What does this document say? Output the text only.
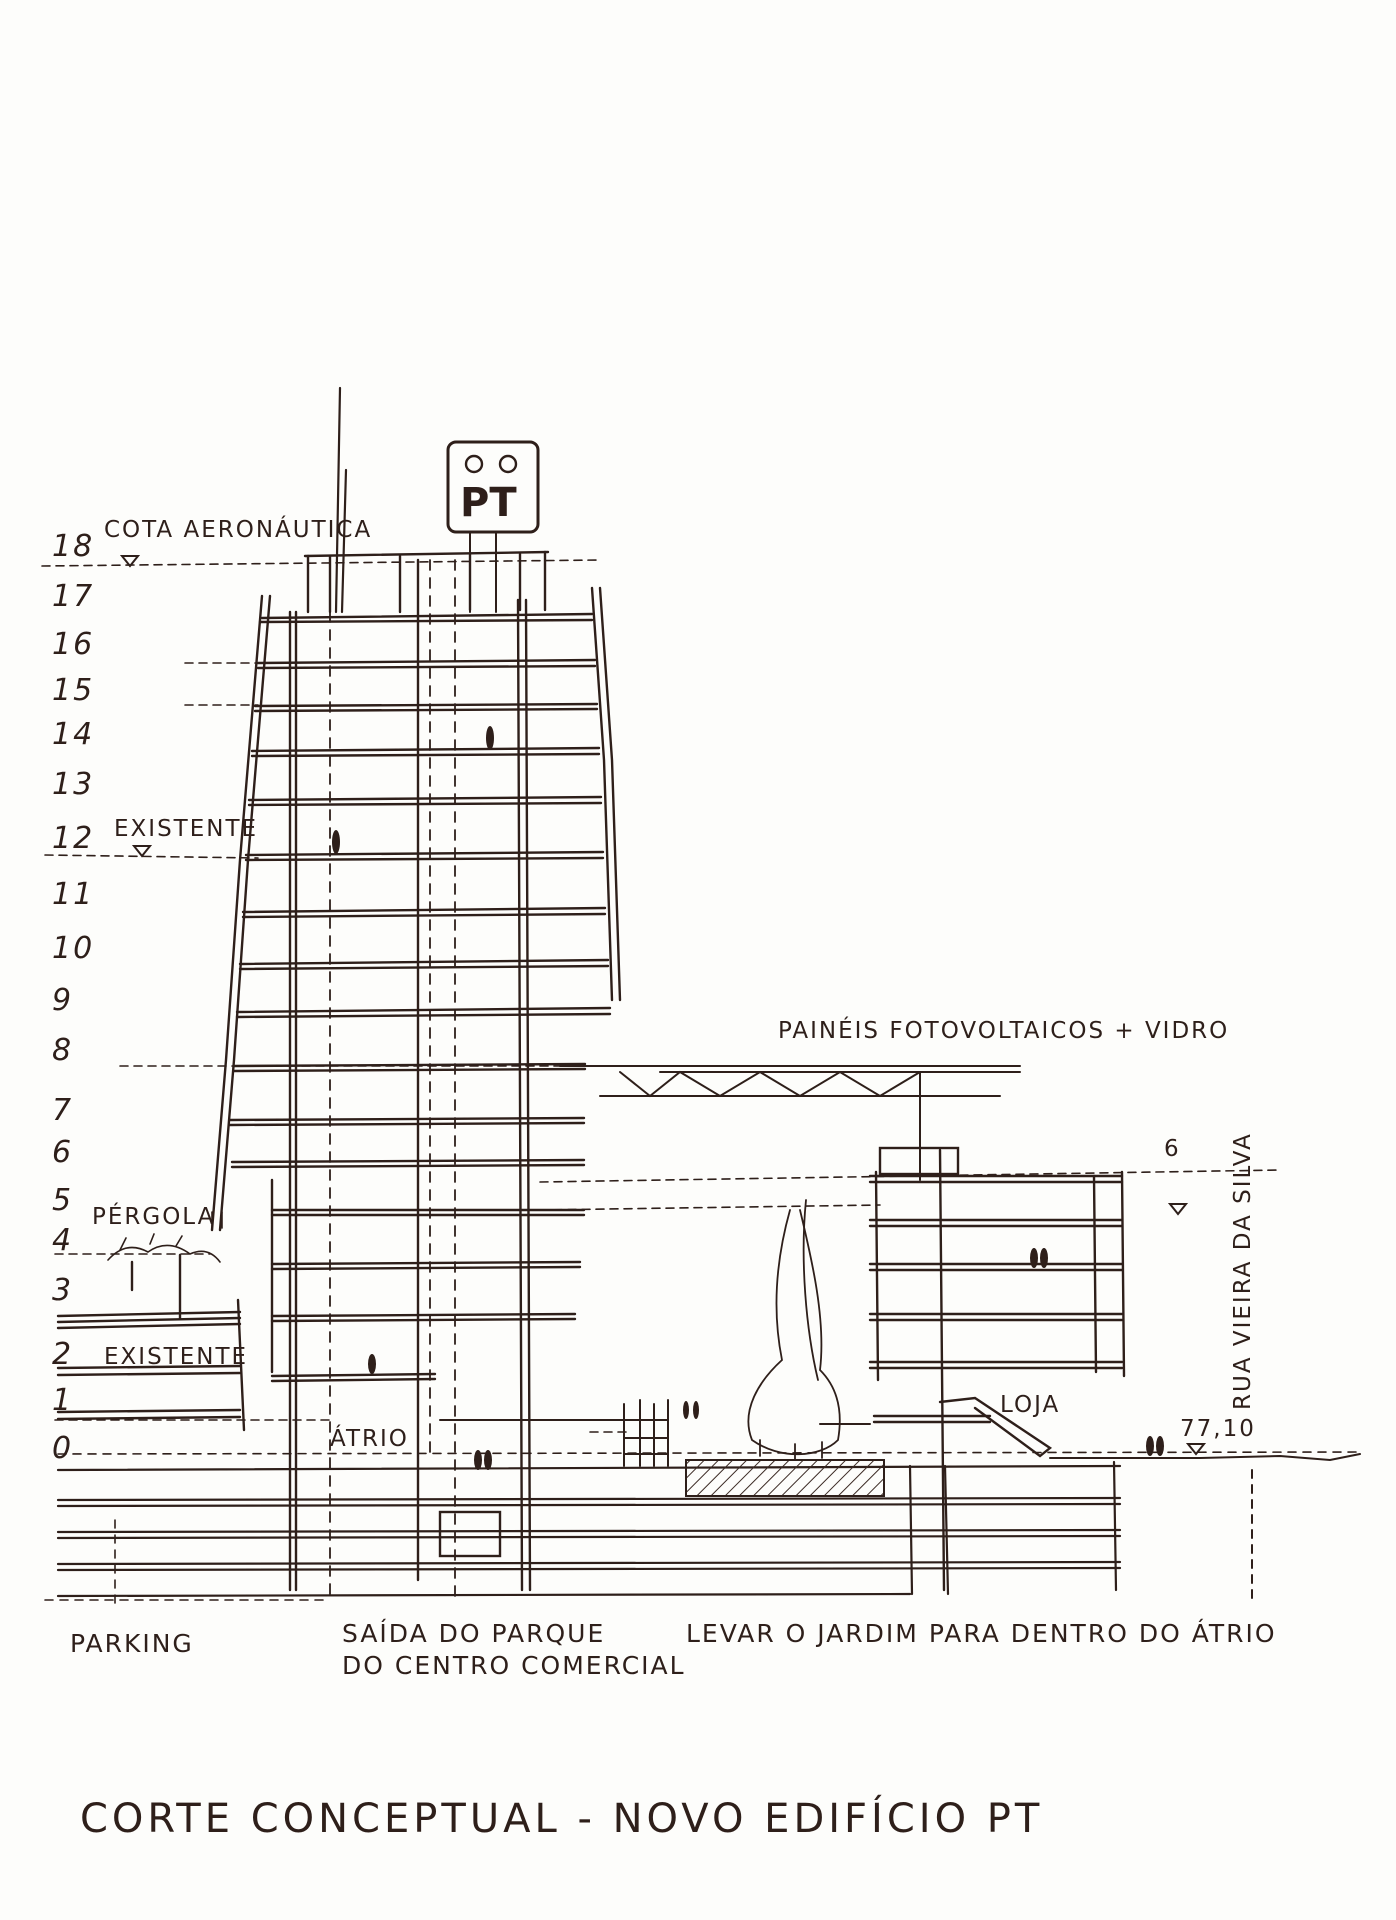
18
17
16
15
14
13
12
11
10
9
8
7
6
5
4
3
2
1
0
PT
COTA AERONÁUTICA
EXISTENTE
PÉRGOLA
EXISTENTE
ÁTRIO
PAINÉIS FOTOVOLTAICOS + VIDRO
LOJA
6
77,10
RUA VIEIRA DA SILVA
PARKING	SAÍDA DO PARQUE
DO CENTRO COMERCIAL
LEVAR O JARDIM PARA DENTRO DO ÁTRIO
CORTE CONCEPTUAL - NOVO EDIFÍCIO PT
